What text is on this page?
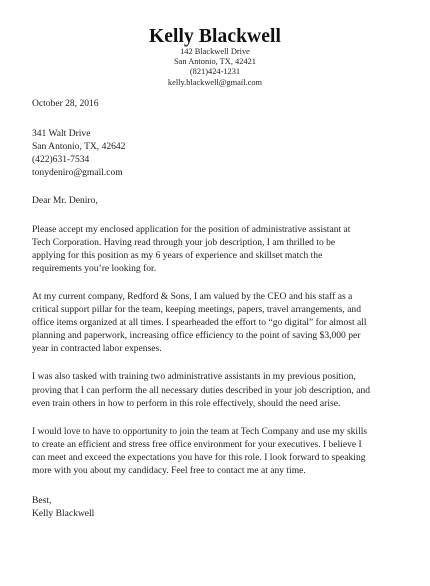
Kelly Blackwell
142 Blackwell Drive
San Antonio, TX, 42421
(821)424-1231
kelly.blackwell@gmail.com
October 28, 2016
341 Walt Drive
San Antonio, TX, 42642
(422)631-7534
tonydeniro@gmail.com
Dear Mr. Deniro,
Please accept my enclosed application for the position of administrative assistant at
Tech Corporation. Having read through your job description, I am thrilled to be
applying for this position as my 6 years of experience and skillset match the
requirements you’re looking for.
At my current company, Redford & Sons, I am valued by the CEO and his staff as a
critical support pillar for the team, keeping meetings, papers, travel arrangements, and
office items organized at all times. I spearheaded the effort to “go digital” for almost all
planning and paperwork, increasing office efficiency to the point of saving $3,000 per
year in contracted labor expenses.
I was also tasked with training two administrative assistants in my previous position,
proving that I can perform the all necessary duties described in your job description, and
even train others in how to perform in this role effectively, should the need arise.
I would love to have to opportunity to join the team at Tech Company and use my skills
to create an efficient and stress free office environment for your executives. I believe I
can meet and exceed the expectations you have for this role. I look forward to speaking
more with you about my candidacy. Feel free to contact me at any time.
Best,
Kelly Blackwell
